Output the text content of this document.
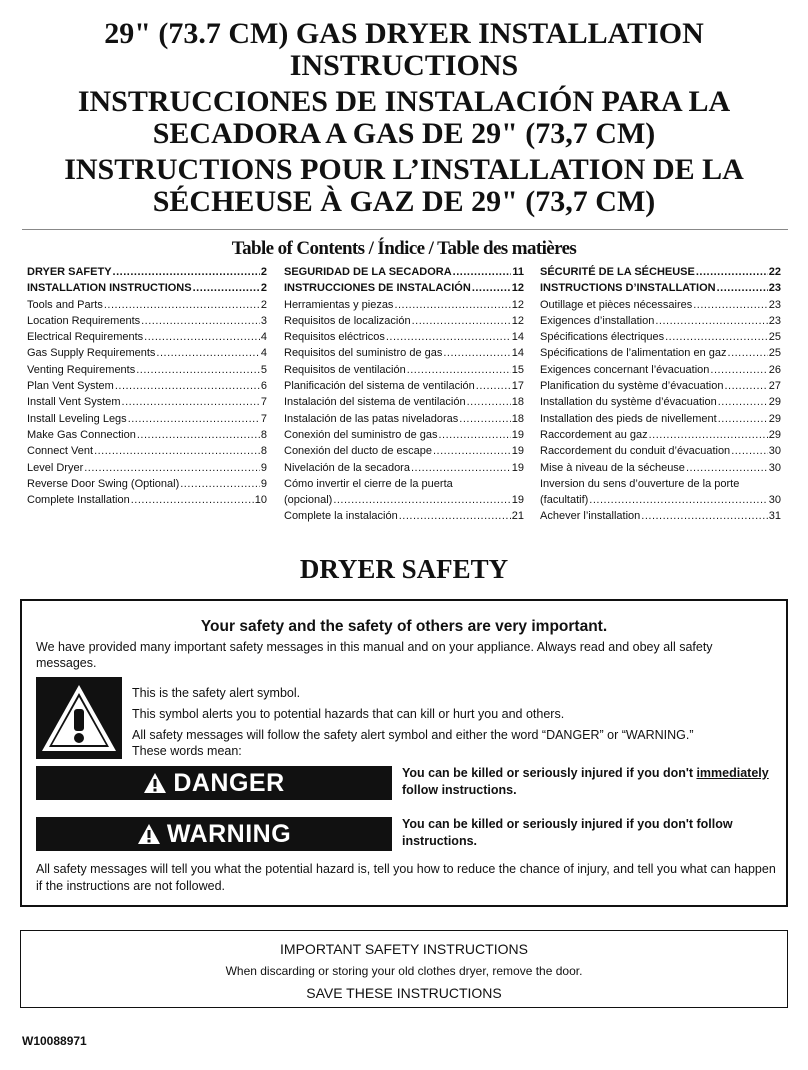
29" (73.7 CM) GAS DRYER INSTALLATION
INSTRUCTIONS
INSTRUCCIONES DE INSTALACIÓN PARA LA
SECADORA A GAS DE 29" (73,7 CM)
INSTRUCTIONS POUR L’INSTALLATION DE LA
SÉCHEUSE À GAZ DE 29" (73,7 CM)
Table of Contents / Índice / Table des matières
DRYER SAFETY .....	2
INSTALLATION INSTRUCTIONS .....	2
Tools and Parts .....	2
Location Requirements .....	3
Electrical Requirements .....	4
Gas Supply Requirements .....	4
Venting Requirements .....	5
Plan Vent System .....	6
Install Vent System .....	7
Install Leveling Legs .....	7
Make Gas Connection .....	8
Connect Vent .....	8
Level Dryer .....	9
Reverse Door Swing (Optional) .....	9
Complete Installation .....	10
SEGURIDAD DE LA SECADORA .....	11
INSTRUCCIONES DE INSTALACIÓN .....	12
Herramientas y piezas .....	12
Requisitos de localización .....	12
Requisitos eléctricos .....	14
Requisitos del suministro de gas .....	14
Requisitos de ventilación .....	15
Planificación del sistema de ventilación .....	17
Instalación del sistema de ventilación .....	18
Instalación de las patas niveladoras .....	18
Conexión del suministro de gas .....	19
Conexión del ducto de escape .....	19
Nivelación de la secadora .....	19
Cómo invertir el cierre de la puerta
(opcional) .....	19
Complete la instalación .....	21
SÉCURITÉ DE LA SÉCHEUSE .....	22
INSTRUCTIONS D’INSTALLATION .....	23
Outillage et pièces nécessaires .....	23
Exigences d’installation .....	23
Spécifications électriques .....	25
Spécifications de l’alimentation en gaz .....	25
Exigences concernant l’évacuation .....	26
Planification du système d’évacuation .....	27
Installation du système d’évacuation .....	29
Installation des pieds de nivellement .....	29
Raccordement au gaz .....	29
Raccordement du conduit d’évacuation .....	30
Mise à niveau de la sécheuse .....	30
Inversion du sens d’ouverture de la porte
(facultatif) .....	30
Achever l’installation .....	31
DRYER SAFETY
Your safety and the safety of others are very important.
We have provided many important safety messages in this manual and on your appliance. Always read and obey all safety messages.
This is the safety alert symbol.
This symbol alerts you to potential hazards that can kill or hurt you and others.
All safety messages will follow the safety alert symbol and either the word “DANGER” or “WARNING.”
These words mean:
DANGER	You can be killed or seriously injured if you don't immediately follow instructions.
WARNING	You can be killed or seriously injured if you don't follow instructions.
All safety messages will tell you what the potential hazard is, tell you how to reduce the chance of injury, and tell you what can happen if the instructions are not followed.
IMPORTANT SAFETY INSTRUCTIONS
When discarding or storing your old clothes dryer, remove the door.
SAVE THESE INSTRUCTIONS
W10088971
